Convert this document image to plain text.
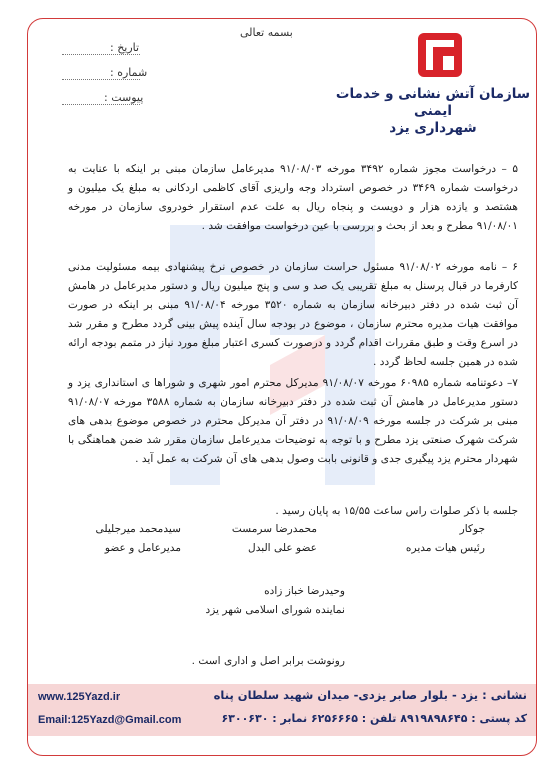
بسمه تعالی
تاریخ :
شماره :
پیوست :	سازمان آتش نشانی و خدمات ایمنی
شهرداری یزد
۵ – درخواست مجوز شماره ۳۴۹۲ مورخه ۹۱/۰۸/۰۳ مدیرعامل سازمان مبنی بر اینکه با عنایت به درخواست شماره ۳۴۶۹ در خصوص استرداد وجه واریزی آقای کاظمی اردکانی به مبلغ یک میلیون و هشتصد و یازده هزار و دویست و پنجاه ریال به علت عدم استقرار خودروی سازمان در مورخه ۹۱/۰۸/۰۱ مطرح و بعد از بحث و بررسی با عین درخواست موافقت شد .
۶ – نامه مورخه ۹۱/۰۸/۰۲ مسئول حراست سازمان در خصوص نرخ پیشنهادی بیمه مسئولیت مدنی کارفرما در قبال پرسنل به مبلغ تقریبی یک صد و سی و پنج میلیون ریال و دستور مدیرعامل در هامش آن ثبت شده در دفتر دبیرخانه سازمان به شماره ۳۵۲۰ مورخه ۹۱/۰۸/۰۴ مبنی بر اینکه در صورت موافقت هیات مدیره محترم سازمان ، موضوع در بودجه سال آینده پیش بینی گردد مطرح و مقرر شد در اسرع وقت و طبق مقررات اقدام گردد و درصورت کسری اعتبار مبلغ مورد نیاز در متمم بودجه ارائه شده در همین جلسه لحاظ گردد .
۷– دعوتنامه شماره ۶۰۹۸۵ مورخه ۹۱/۰۸/۰۷ مدیرکل محترم امور شهری و شوراها ی استانداری یزد و دستور مدیرعامل در هامش آن ثبت شده در دفتر دبیرخانه سازمان به شماره ۳۵۸۸ مورخه ۹۱/۰۸/۰۷ مبنی بر شرکت در جلسه مورخه ۹۱/۰۸/۰۹ در دفتر آن مدیرکل محترم در خصوص موضوع بدهی های شرکت شهرک صنعتی یزد مطرح و با توجه به توضیحات مدیرعامل سازمان مقرر شد ضمن هماهنگی با شهردار محترم یزد پیگیری جدی و قانونی بابت وصول بدهی های آن شرکت به عمل آید .
جلسه با ذکر صلوات راس ساعت ۱۵/۵۵ به پایان رسید .
جوکار
رئیس هیات مدیره
محمدرضا سرمست
عضو علی البدل
سیدمحمد میرجلیلی
مدیرعامل و عضو
وحیدرضا خباز زاده
نماینده شورای اسلامی شهر یزد
رونوشت برابر اصل و اداری است .
نشانی : یزد - بلوار صابر یزدی- میدان شهید سلطان پناه
کد پستی : ۸۹۱۹۸۹۸۶۴۵ تلفن : ۶۲۵۶۶۶۵ نمابر : ۶۳۰۰۶۳۰
www.125Yazd.ir
Email:125Yazd@Gmail.com
